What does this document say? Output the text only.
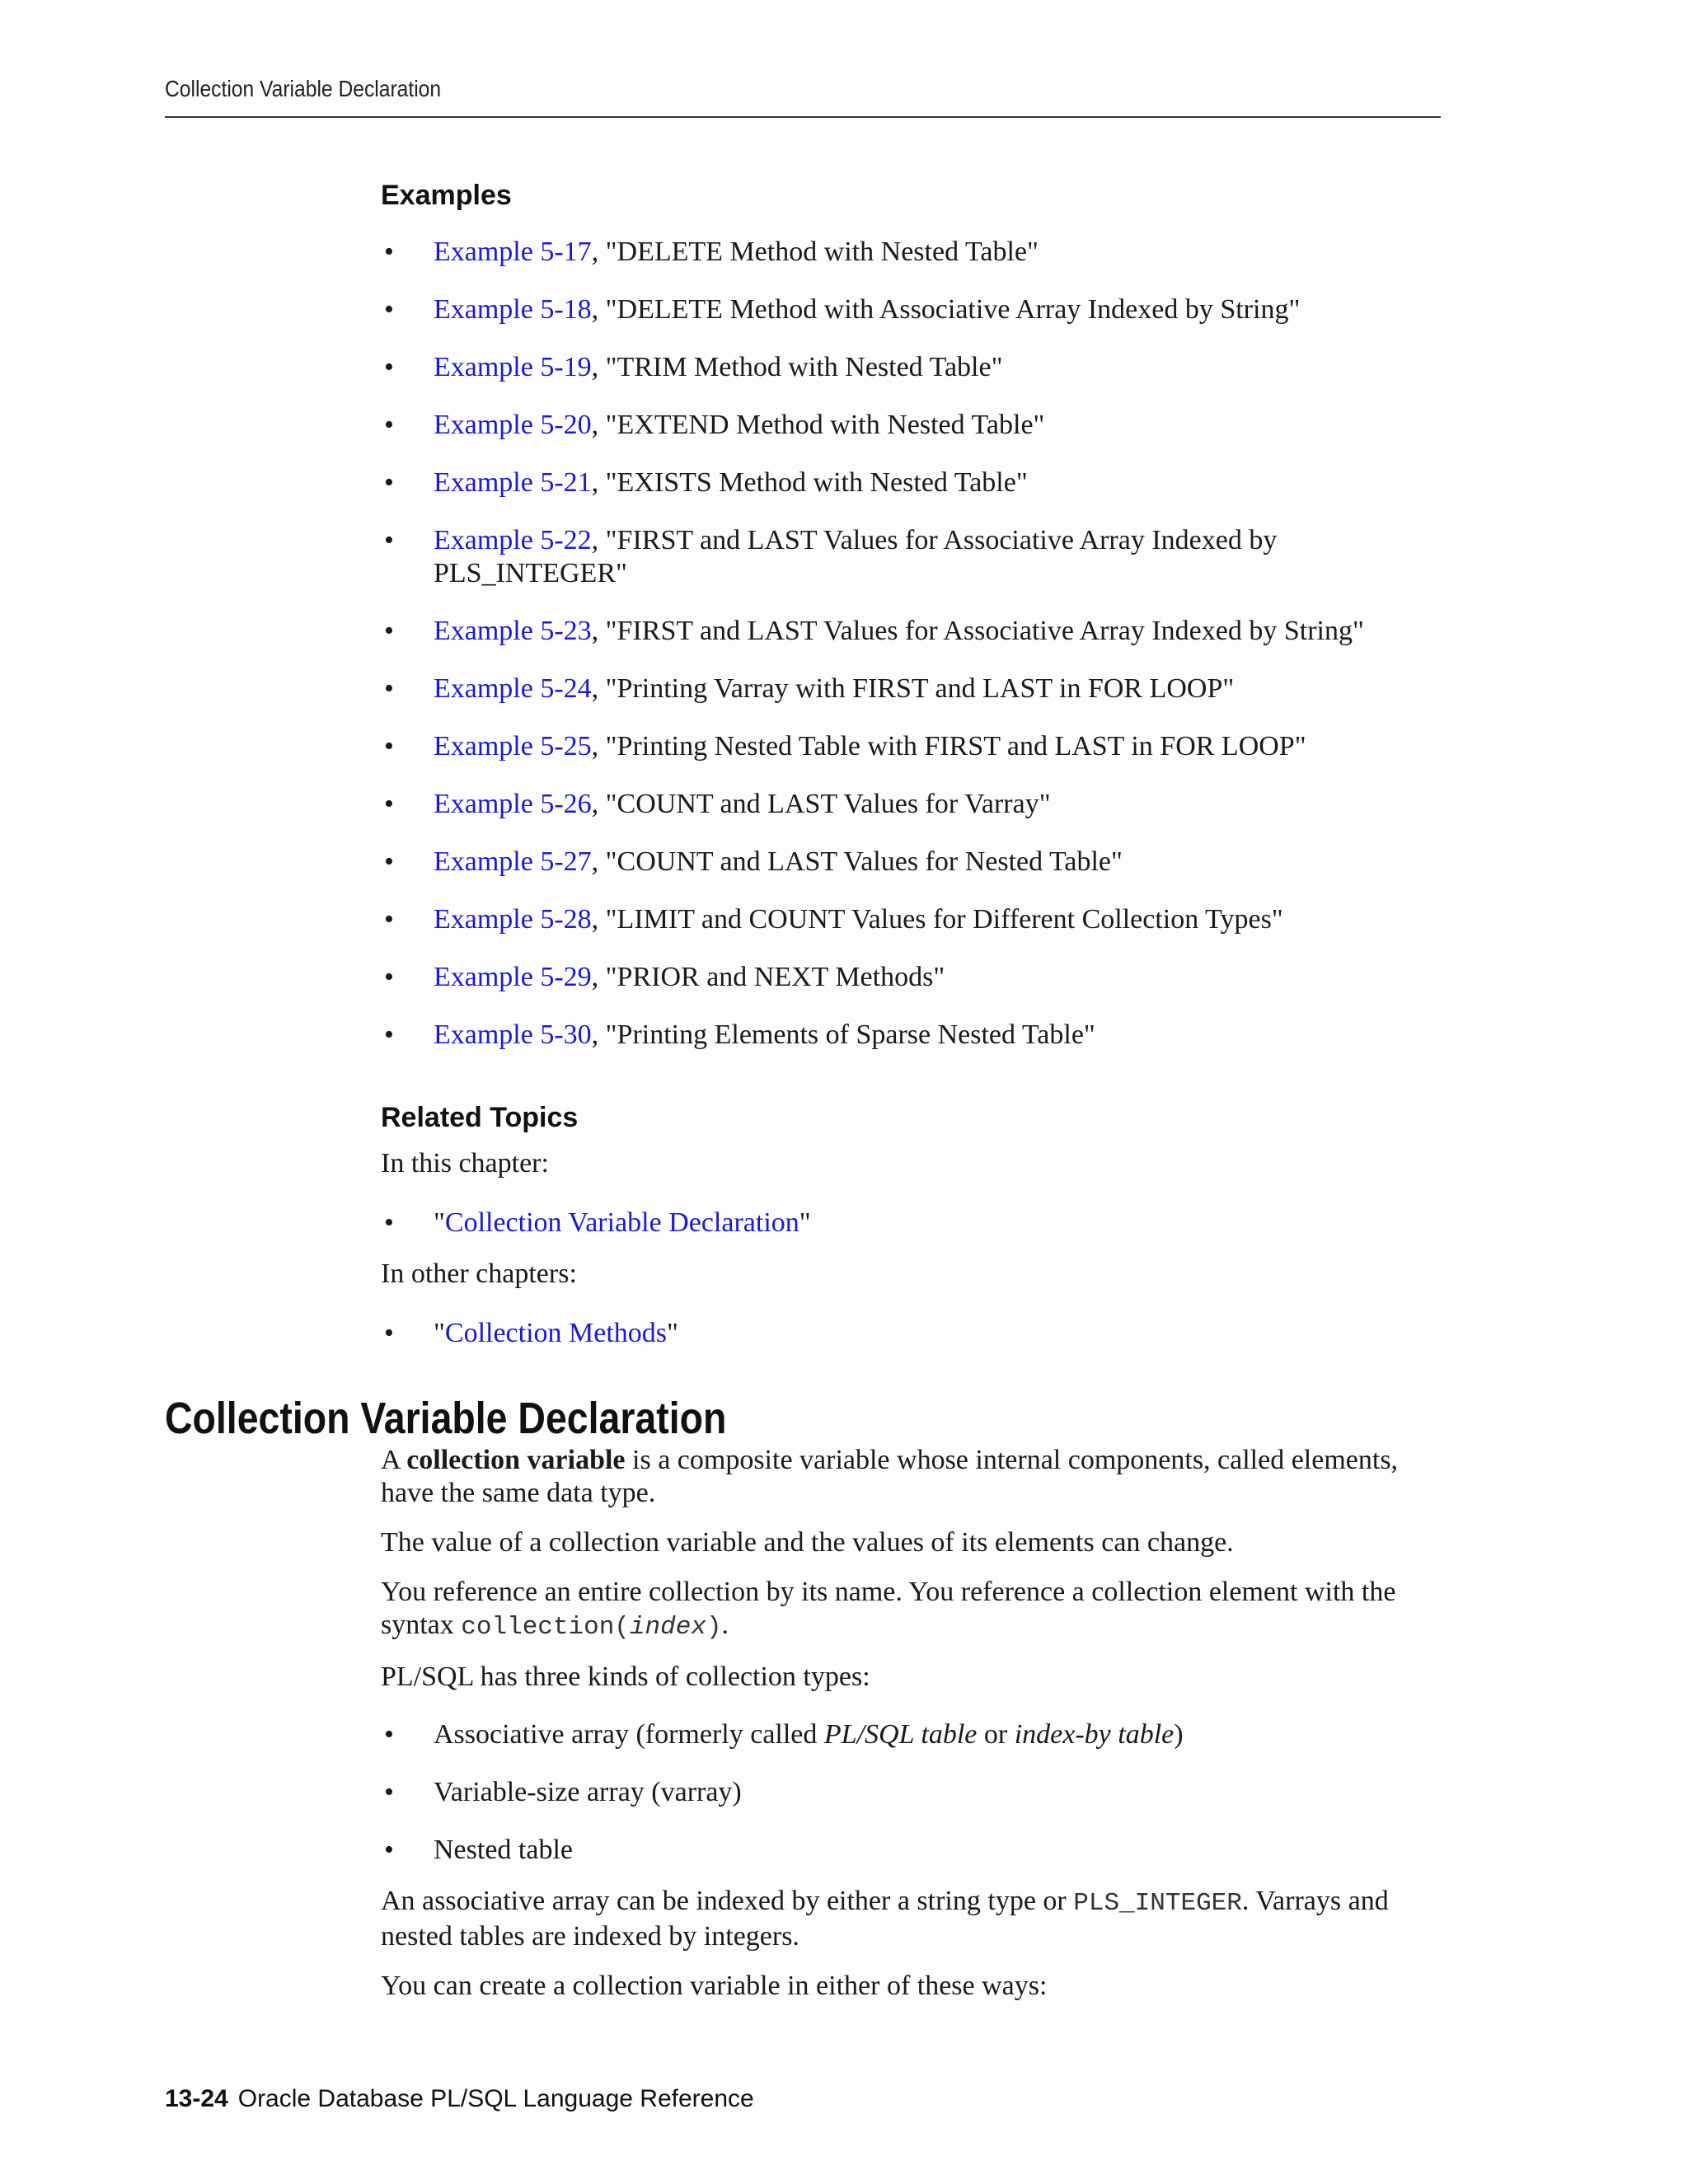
Collection Variable Declaration
Examples
• Example 5-17, "DELETE Method with Nested Table"
• Example 5-18, "DELETE Method with Associative Array Indexed by String"
• Example 5-19, "TRIM Method with Nested Table"
• Example 5-20, "EXTEND Method with Nested Table"
• Example 5-21, "EXISTS Method with Nested Table"
• Example 5-22, "FIRST and LAST Values for Associative Array Indexed by PLS_INTEGER"
• Example 5-23, "FIRST and LAST Values for Associative Array Indexed by String"
• Example 5-24, "Printing Varray with FIRST and LAST in FOR LOOP"
• Example 5-25, "Printing Nested Table with FIRST and LAST in FOR LOOP"
• Example 5-26, "COUNT and LAST Values for Varray"
• Example 5-27, "COUNT and LAST Values for Nested Table"
• Example 5-28, "LIMIT and COUNT Values for Different Collection Types"
• Example 5-29, "PRIOR and NEXT Methods"
• Example 5-30, "Printing Elements of Sparse Nested Table"
Related Topics

In this chapter:

• "Collection Variable Declaration"

In other chapters:

• "Collection Methods"
Collection Variable Declaration

A collection variable is a composite variable whose internal components, called elements, have the same data type.

The value of a collection variable and the values of its elements can change.

You reference an entire collection by its name. You reference a collection element with the syntax collection(index).

PL/SQL has three kinds of collection types:

• Associative array (formerly called PL/SQL table or index-by table)
• Variable-size array (varray)
• Nested table

An associative array can be indexed by either a string type or PLS_INTEGER. Varrays and nested tables are indexed by integers.

You can create a collection variable in either of these ways:

13-24 Oracle Database PL/SQL Language Reference
